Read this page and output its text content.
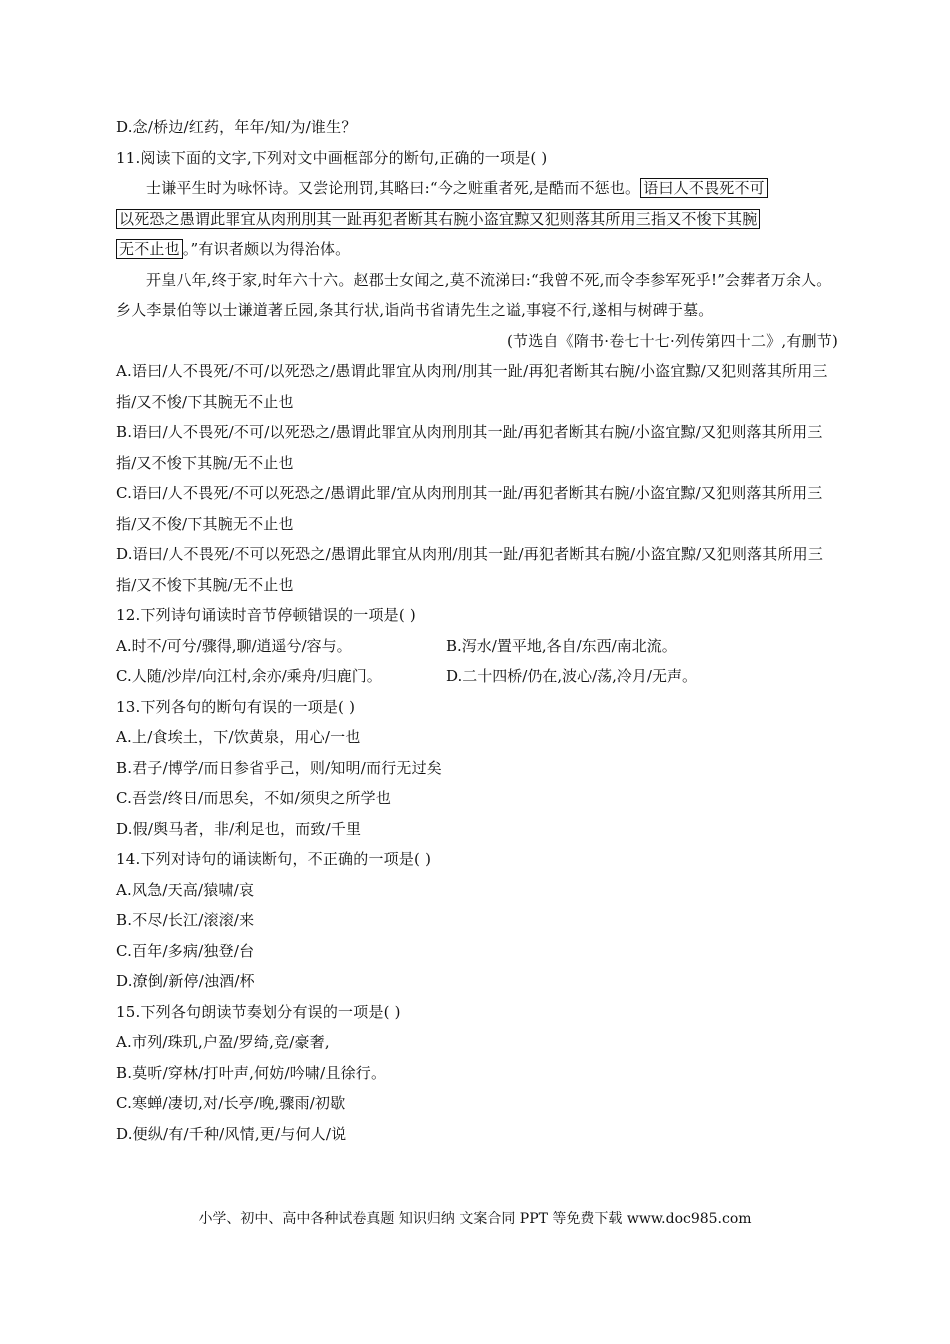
D.念/桥边/红药，年年/知/为/谁生？
11.阅读下面的文字,下列对文中画框部分的断句,正确的一项是( )
士谦平生时为咏怀诗。又尝论刑罚,其略曰:“今之赃重者死,是酷而不惩也。 语曰人不畏死不可
以死恐之愚谓此罪宜从肉刑刖其一趾再犯者断其右腕小盗宜黥又犯则落其所用三指又不悛下其腕
无不止也 。”有识者颇以为得治体。
开皇八年,终于家,时年六十六。赵郡士女闻之,莫不流涕曰:“我曾不死,而令李参军死乎!”会葬者万余人。乡人李景伯等以士谦道著丘园,条其行状,诣尚书省请先生之谥,事寝不行,遂相与树碑于墓。
(节选自《隋书·卷七十七·列传第四十二》,有删节)
A.语曰/人不畏死/不可/以死恐之/愚谓此罪宜从肉刑/刖其一趾/再犯者断其右腕/小盗宜黥/又犯则落其所用三指/又不悛/下其腕无不止也
B.语曰/人不畏死/不可/以死恐之/愚谓此罪宜从肉刑刖其一趾/再犯者断其右腕/小盗宜黥/又犯则落其所用三指/又不悛下其腕/无不止也
C.语曰/人不畏死/不可以死恐之/愚谓此罪/宜从肉刑刖其一趾/再犯者断其右腕/小盗宜黥/又犯则落其所用三指/又不俊/下其腕无不止也
D.语曰/人不畏死/不可以死恐之/愚谓此罪宜从肉刑/刖其一趾/再犯者断其右腕/小盗宜黥/又犯则落其所用三指/又不悛下其腕/无不止也
12.下列诗句诵读时音节停顿错误的一项是( )
A.时不/可兮/骤得,聊/逍遥兮/容与。	B.泻水/置平地,各自/东西/南北流。
C.人随/沙岸/向江村,余亦/乘舟/归鹿门。	D.二十四桥/仍在,波心/荡,冷月/无声。
13.下列各句的断句有误的一项是( )
A.上/食埃土，下/饮黄泉，用心/一也
B.君子/博学/而日参省乎己，则/知明/而行无过矣
C.吾尝/终日/而思矣，不如/须臾之所学也
D.假/舆马者，非/利足也，而致/千里
14.下列对诗句的诵读断句，不正确的一项是( )
A.风急/天高/猿啸/哀
B.不尽/长江/滚滚/来
C.百年/多病/独登/台
D.潦倒/新停/浊酒/杯
15.下列各句朗读节奏划分有误的一项是( )
A.市列/珠玑,户盈/罗绮,竞/豪奢,
B.莫听/穿林/打叶声,何妨/吟啸/且徐行。
C.寒蝉/凄切,对/长亭/晚,骤雨/初歇
D.便纵/有/千种/风情,更/与何人/说
小学、初中、高中各种试卷真题 知识归纳 文案合同 PPT 等免费下载 www.doc985.com
